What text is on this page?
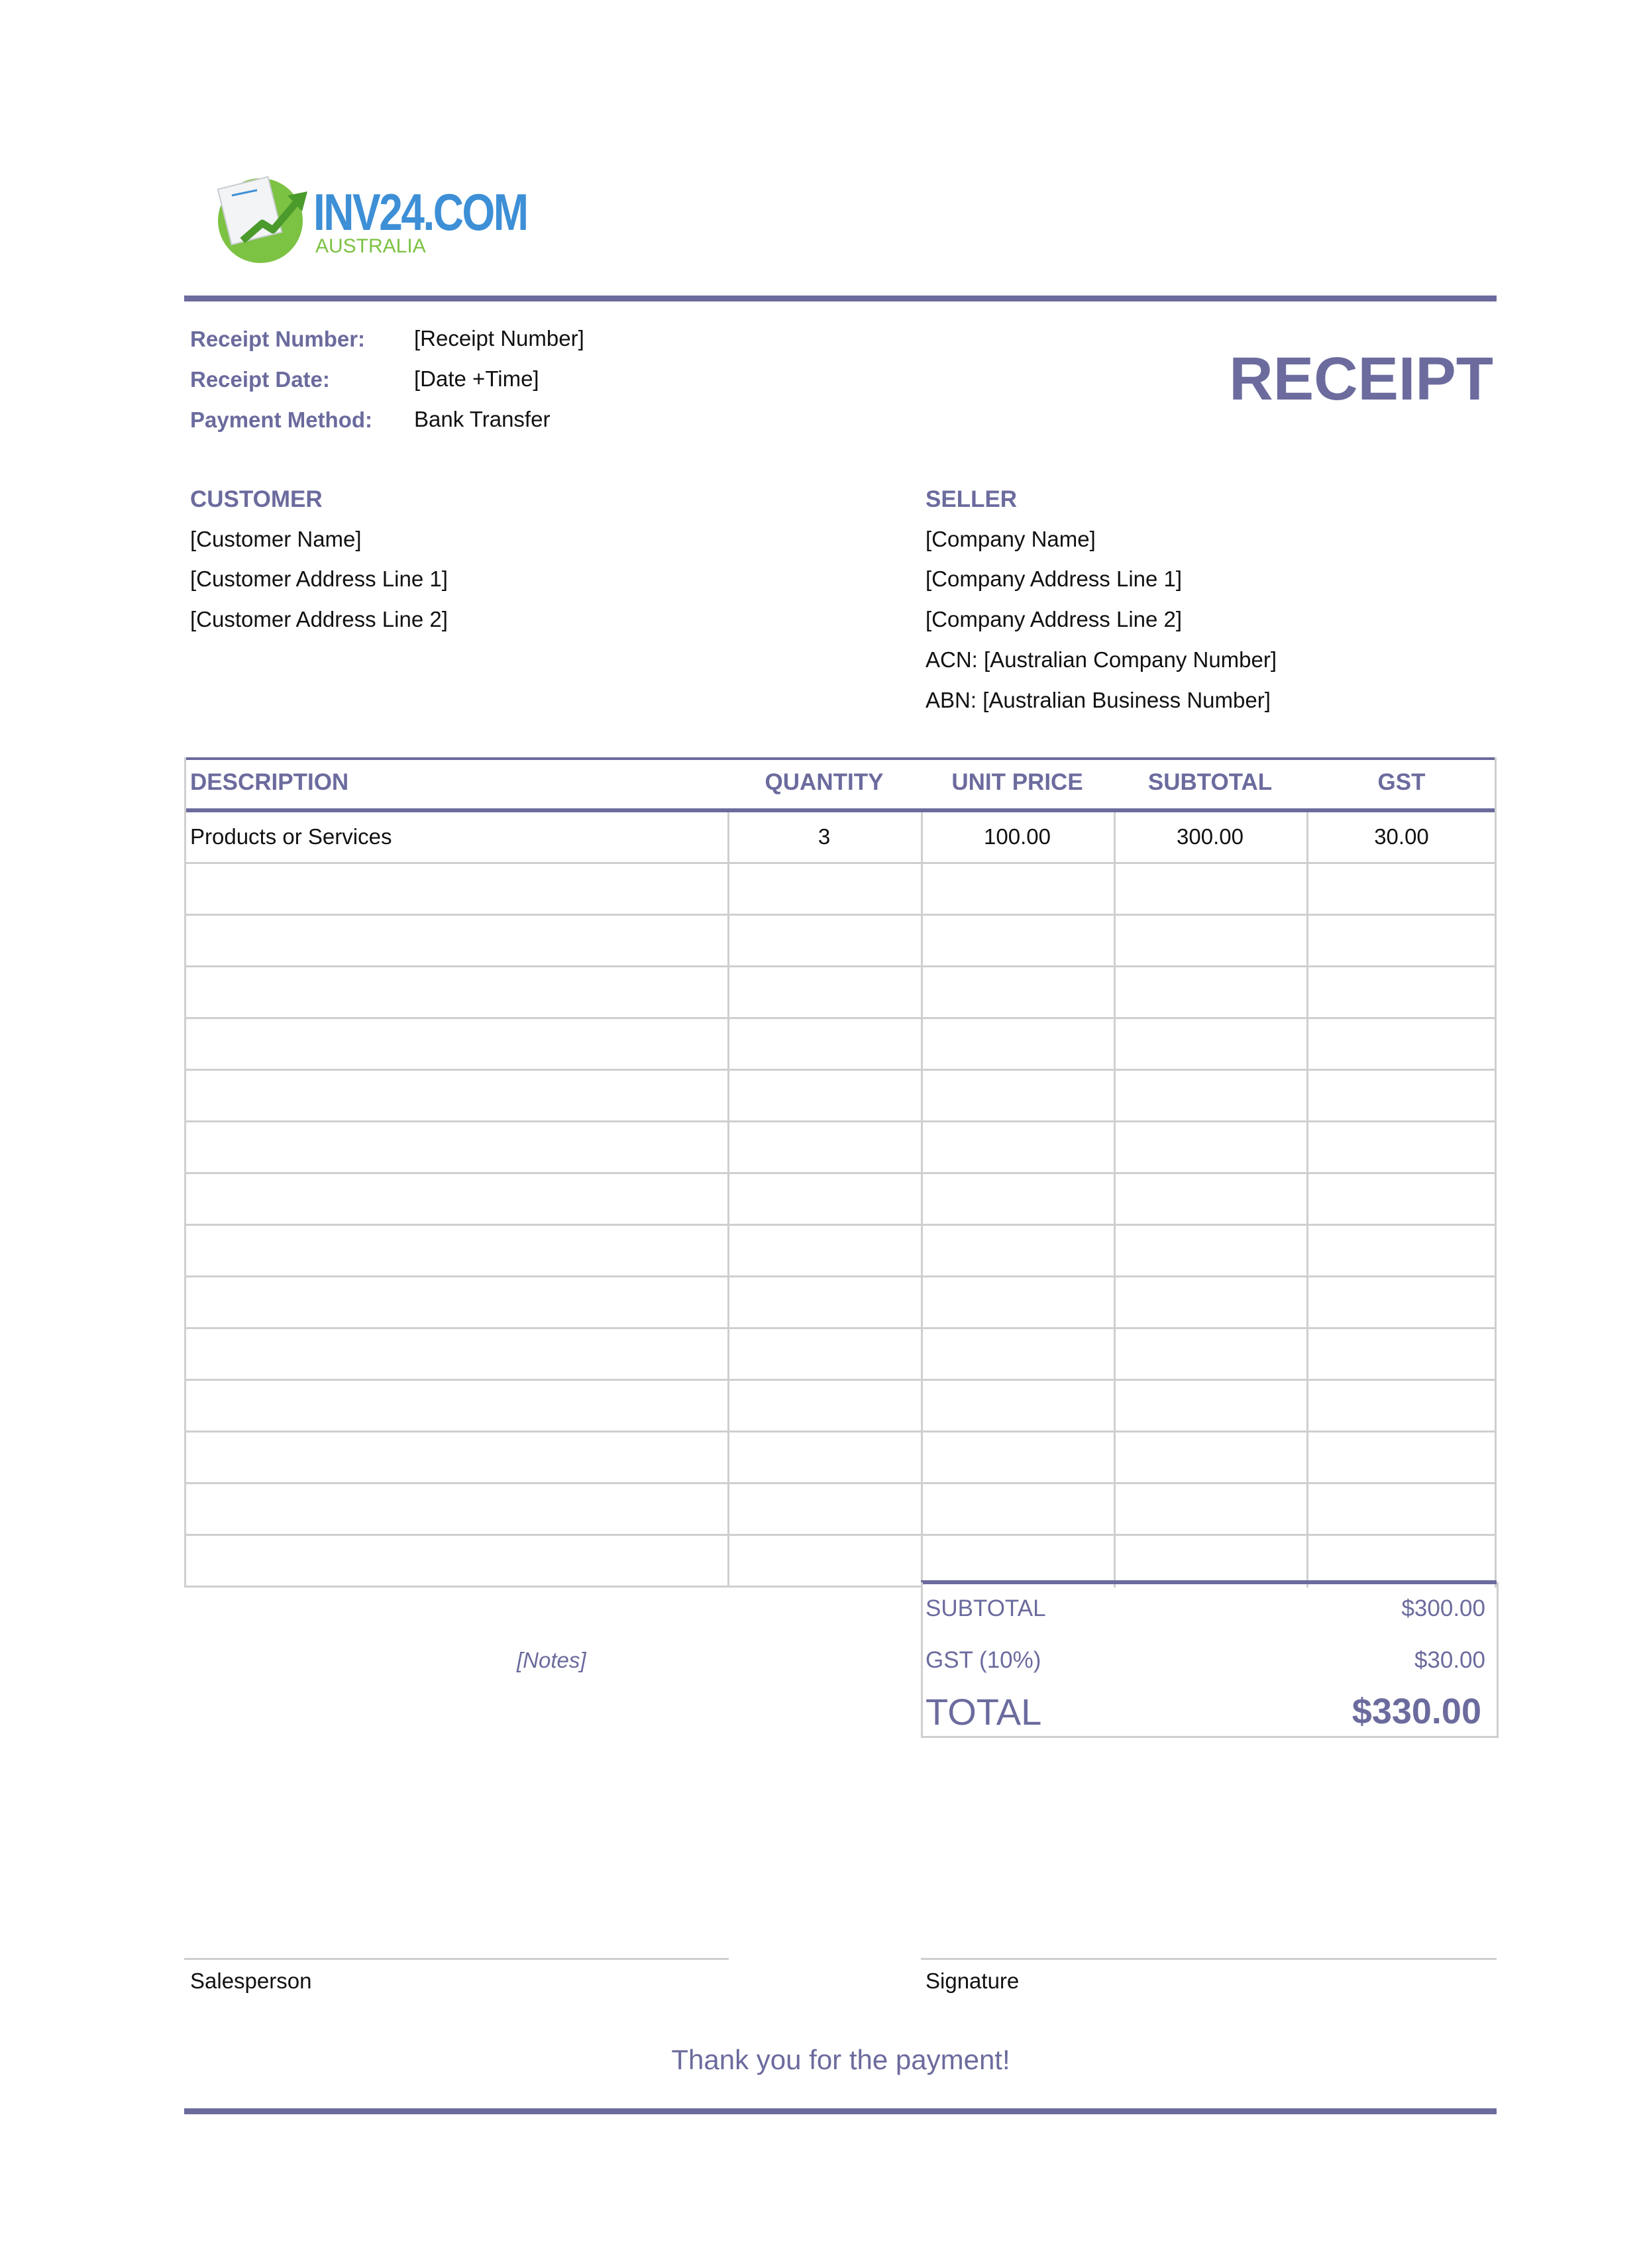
INV24.COM
AUSTRALIA
Receipt Number: [Receipt Number]
Receipt Date:	[Date +Time]
Payment Method: Bank Transfer
RECEIPT
CUSTOMER
[Customer Name]
[Customer Address Line 1]
[Customer Address Line 2]
SELLER
[Company Name]
[Company Address Line 1]
[Company Address Line 2]
ACN: [Australian Company Number]
ABN: [Australian Business Number]
DESCRIPTION	QUANTITY	UNIT PRICE	SUBTOTAL	GST
Products or Services	3	100.00	300.00	30.00
SUBTOTAL	$300.00
GST (10%)	$30.00
TOTAL	$330.00
[Notes]
Salesperson	Signature
Thank you for the payment!
